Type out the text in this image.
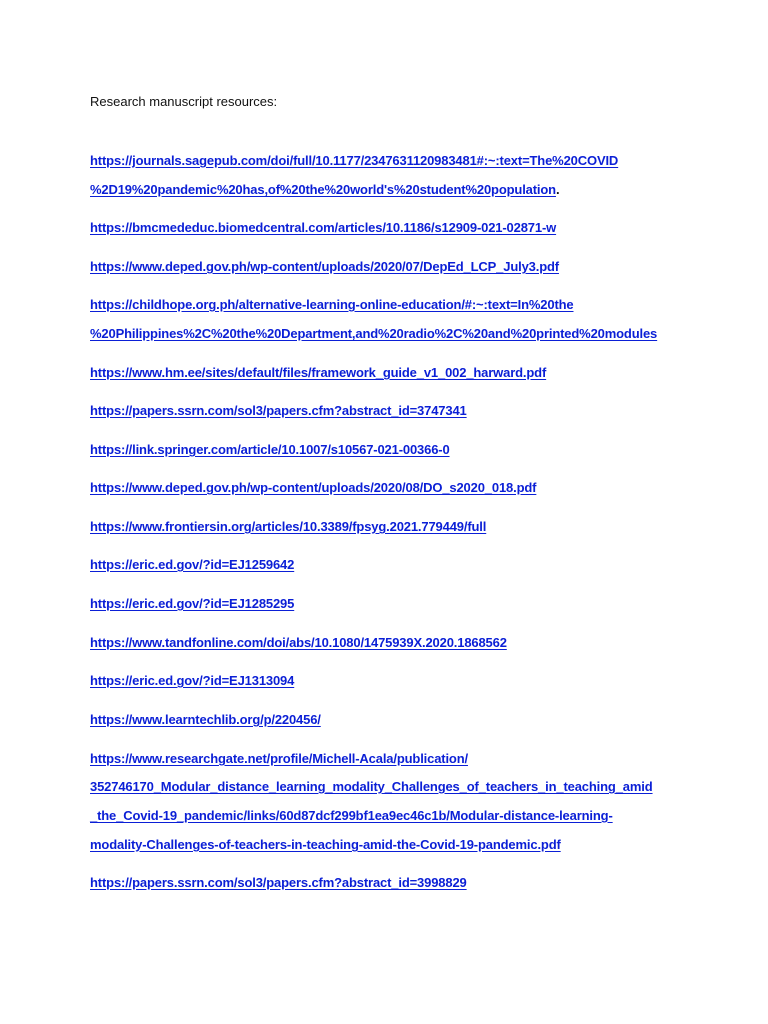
Research manuscript resources:
https://journals.sagepub.com/doi/full/10.1177/2347631120983481#:~:text=The%20COVID
%2D19%20pandemic%20has,of%20the%20world's%20student%20population.
https://bmcmededuc.biomedcentral.com/articles/10.1186/s12909-021-02871-w
https://www.deped.gov.ph/wp-content/uploads/2020/07/DepEd_LCP_July3.pdf
https://childhope.org.ph/alternative-learning-online-education/#:~:text=In%20the
%20Philippines%2C%20the%20Department,and%20radio%2C%20and%20printed%20modules
https://www.hm.ee/sites/default/files/framework_guide_v1_002_harward.pdf
https://papers.ssrn.com/sol3/papers.cfm?abstract_id=3747341
https://link.springer.com/article/10.1007/s10567-021-00366-0
https://www.deped.gov.ph/wp-content/uploads/2020/08/DO_s2020_018.pdf
https://www.frontiersin.org/articles/10.3389/fpsyg.2021.779449/full
https://eric.ed.gov/?id=EJ1259642
https://eric.ed.gov/?id=EJ1285295
https://www.tandfonline.com/doi/abs/10.1080/1475939X.2020.1868562
https://eric.ed.gov/?id=EJ1313094
https://www.learntechlib.org/p/220456/
https://www.researchgate.net/profile/Michell-Acala/publication/
352746170_Modular_distance_learning_modality_Challenges_of_teachers_in_teaching_amid
_the_Covid-19_pandemic/links/60d87dcf299bf1ea9ec46c1b/Modular-distance-learning-
modality-Challenges-of-teachers-in-teaching-amid-the-Covid-19-pandemic.pdf
https://papers.ssrn.com/sol3/papers.cfm?abstract_id=3998829
